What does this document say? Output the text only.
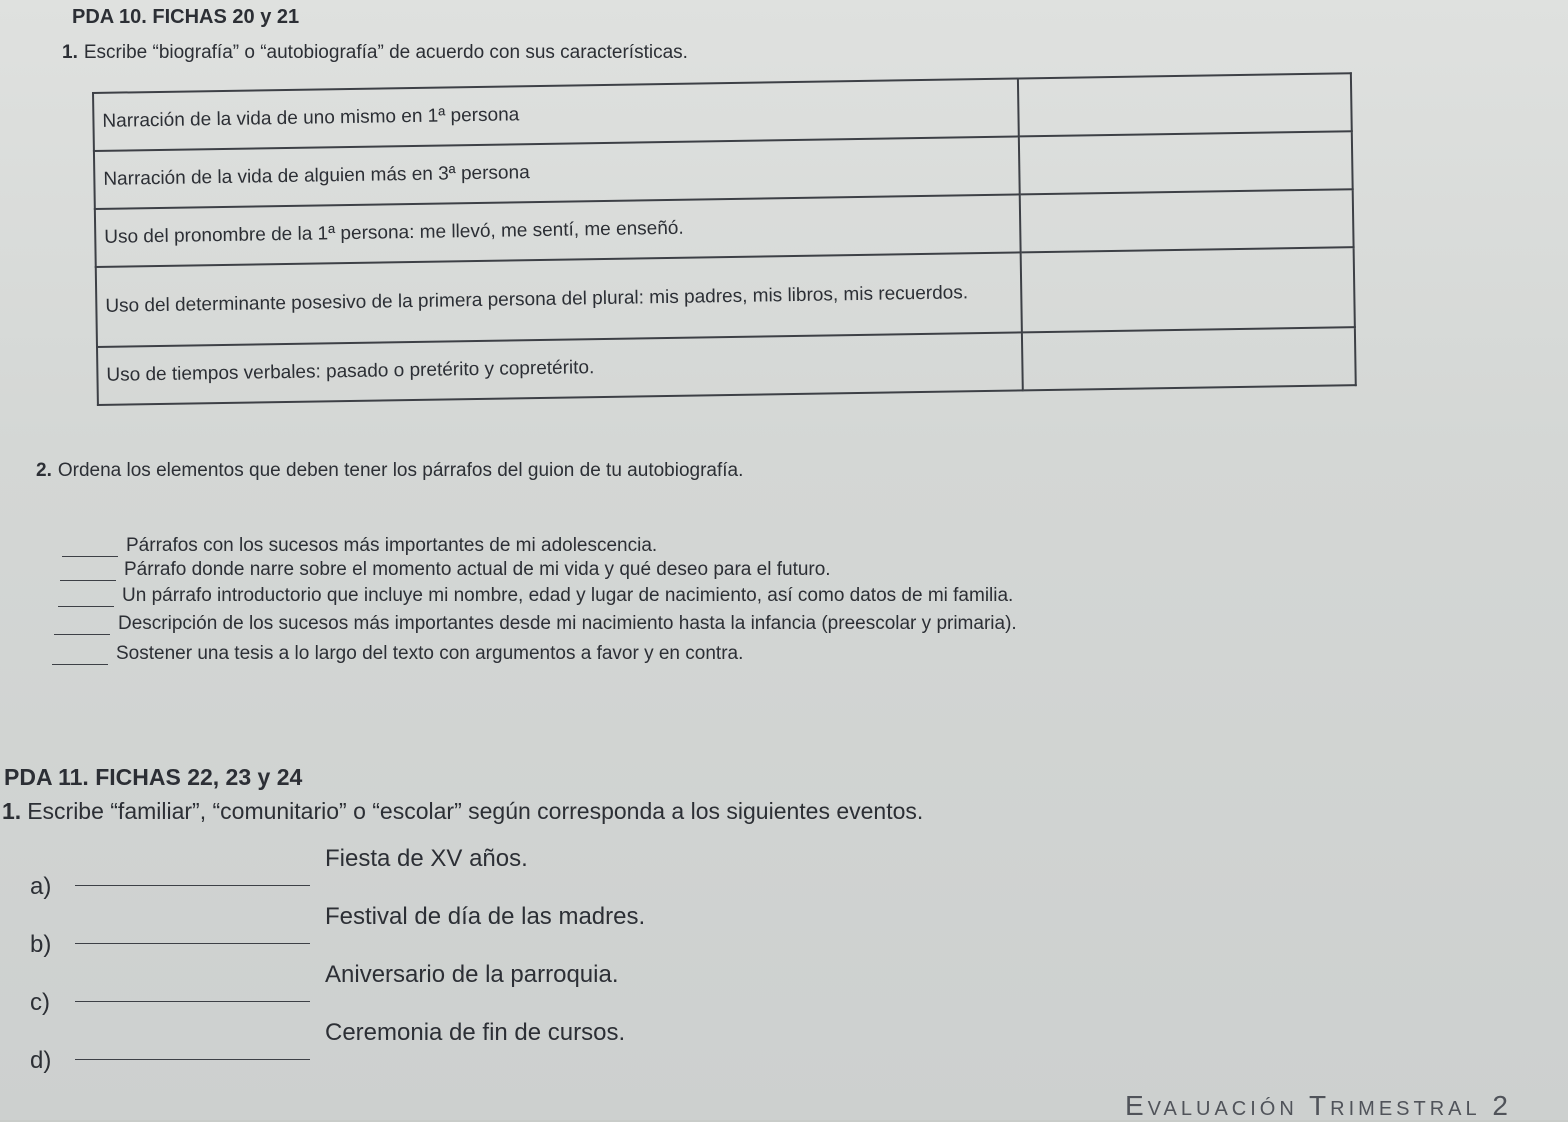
PDA 10. FICHAS 20 y 21
1. Escribe “biografía” o “autobiografía” de acuerdo con sus características.
Narración de la vida de uno mismo en 1ª persona	
Narración de la vida de alguien más en 3ª persona	
Uso del pronombre de la 1ª persona: me llevó, me sentí, me enseñó.	
Uso del determinante posesivo de la primera persona del plural: mis padres, mis libros, mis recuerdos.	
Uso de tiempos verbales: pasado o pretérito y copretérito.	
2. Ordena los elementos que deben tener los párrafos del guion de tu autobiografía.
Párrafos con los sucesos más importantes de mi adolescencia.
Párrafo donde narre sobre el momento actual de mi vida y qué deseo para el futuro.
Un párrafo introductorio que incluye mi nombre, edad y lugar de nacimiento, así como datos de mi familia.
Descripción de los sucesos más importantes desde mi nacimiento hasta la infancia (preescolar y primaria).
Sostener una tesis a lo largo del texto con argumentos a favor y en contra.
PDA 11. FICHAS 22, 23 y 24
1. Escribe “familiar”, “comunitario” o “escolar” según corresponda a los siguientes eventos.
a)
Fiesta de XV años.
b)
Festival de día de las madres.
c)
Aniversario de la parroquia.
d)
Ceremonia de fin de cursos.
Evaluación Trimestral 2
